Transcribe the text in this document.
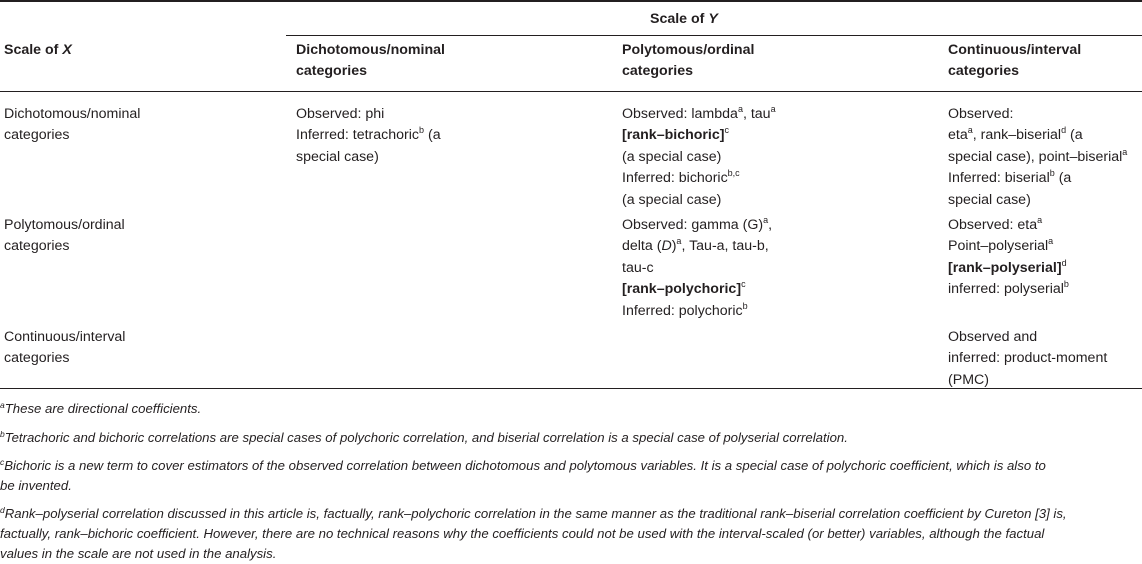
Scale of Y
Scale of X	Dichotomous/nominal
categories
Polytomous/ordinal
categories
Continuous/interval
categories
Dichotomous/nominal
categories
Polytomous/ordinal
categories
Continuous/interval
categories
Observed: phi
Inferred: tetrachoric$^b$ (a
special case)
Observed: lambda$^a$, tau$^a$
[rank–bichoric]$^c$
(a special case)
Inferred: bichoric$^{b,c}$
(a special case)
Observed:
eta$^a$, rank–biserial$^d$ (a
special case), point–biserial$^a$
Inferred: biserial$^b$ (a
special case)
Observed: gamma $(G)^a$,
delta $(D)^a$, Tau-a, tau-b,
tau-c
[rank–polychoric]$^c$
Inferred: polychoric$^b$
Observed: eta$^a$
Point–polyserial$^a$
[rank–polyserial]$^d$
inferred: polyserial$^b$
Observed and
inferred: product-moment
(PMC)
$^a$These are directional coefficients.
$^b$Tetrachoric and bichoric correlations are special cases of polychoric correlation, and biserial correlation is a special case of polyserial correlation.
$^c$Bichoric is a new term to cover estimators of the observed correlation between dichotomous and polytomous variables. It is a special case of polychoric coefficient, which is also to
be invented.
$^d$Rank–polyserial correlation discussed in this article is, factually, rank–polychoric correlation in the same manner as the traditional rank–biserial correlation coefficient by Cureton [3] is,
factually, rank–bichoric coefficient. However, there are no technical reasons why the coefficients could not be used with the interval-scaled (or better) variables, although the factual
values in the scale are not used in the analysis.
